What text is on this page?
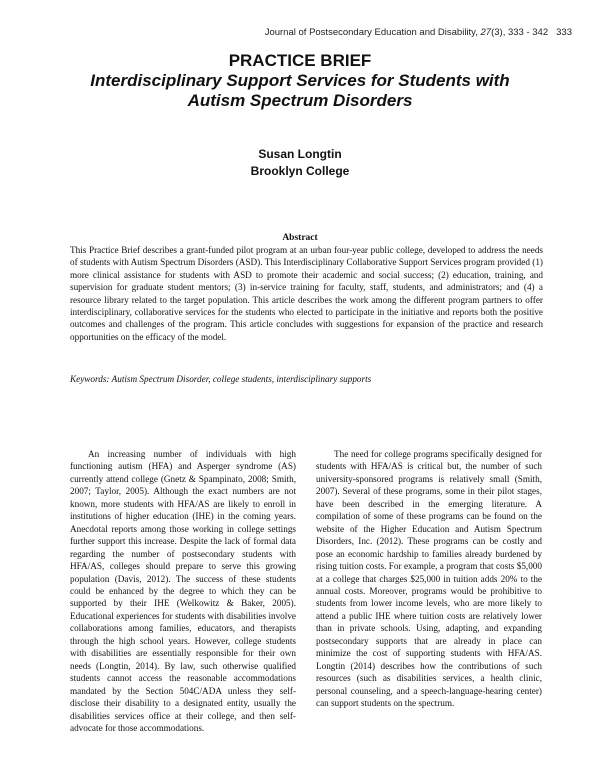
Journal of Postsecondary Education and Disability, 27(3), 333 - 342 333
PRACTICE BRIEF
Interdisciplinary Support Services for Students with
Autism Spectrum Disorders
Susan Longtin
Brooklyn College
Abstract
This Practice Brief describes a grant-funded pilot program at an urban four-year public college, developed to address the needs of students with Autism Spectrum Disorders (ASD). This Interdisciplinary Collaborative Support Services program provided (1) more clinical assistance for students with ASD to promote their academic and social success; (2) education, training, and supervision for graduate student mentors; (3) in-service training for faculty, staff, students, and administrators; and (4) a resource library related to the target population. This article describes the work among the different program partners to offer interdisciplinary, collaborative services for the students who elected to participate in the initiative and reports both the positive outcomes and challenges of the program. This article concludes with suggestions for expansion of the practice and research opportunities on the efficacy of the model.
Keywords: Autism Spectrum Disorder, college students, interdisciplinary supports

An increasing number of individuals with high functioning autism (HFA) and Asperger syndrome (AS) currently attend college (Gnetz & Spampinato, 2008; Smith, 2007; Taylor, 2005). Although the exact numbers are not known, more students with HFA/AS are likely to enroll in institutions of higher education (IHE) in the coming years. Anecdotal reports among those working in college settings further support this increase. Despite the lack of formal data regarding the number of postsecondary students with HFA/AS, colleges should prepare to serve this growing population (Davis, 2012). The success of these students could be enhanced by the degree to which they can be supported by their IHE (Welkowitz & Baker, 2005). Educational experiences for students with disabilities involve collaborations among families, educators, and therapists through the high school years. However, college students with disabilities are essentially responsible for their own needs (Longtin, 2014). By law, such otherwise qualified students cannot access the reasonable accommodations mandated by the Section 504C/ADA unless they self-disclose their disability to a designated entity, usually the disabilities services office at their college, and then self-advocate for those accommodations.

The need for college programs specifically designed for students with HFA/AS is critical but, the number of such university-sponsored programs is relatively small (Smith, 2007). Several of these programs, some in their pilot stages, have been described in the emerging literature. A compilation of some of these programs can be found on the website of the Higher Education and Autism Spectrum Disorders, Inc. (2012). These programs can be costly and pose an economic hardship to families already burdened by rising tuition costs. For example, a program that costs $5,000 at a college that charges $25,000 in tuition adds 20% to the annual costs. Moreover, programs would be prohibitive to students from lower income levels, who are more likely to attend a public IHE where tuition costs are relatively lower than in private schools. Using, adapting, and expanding postsecondary supports that are already in place can minimize the cost of supporting students with HFA/AS. Longtin (2014) describes how the contributions of such resources (such as disabilities services, a health clinic, personal counseling, and a speech-language-hearing center) can support students on the spectrum.
